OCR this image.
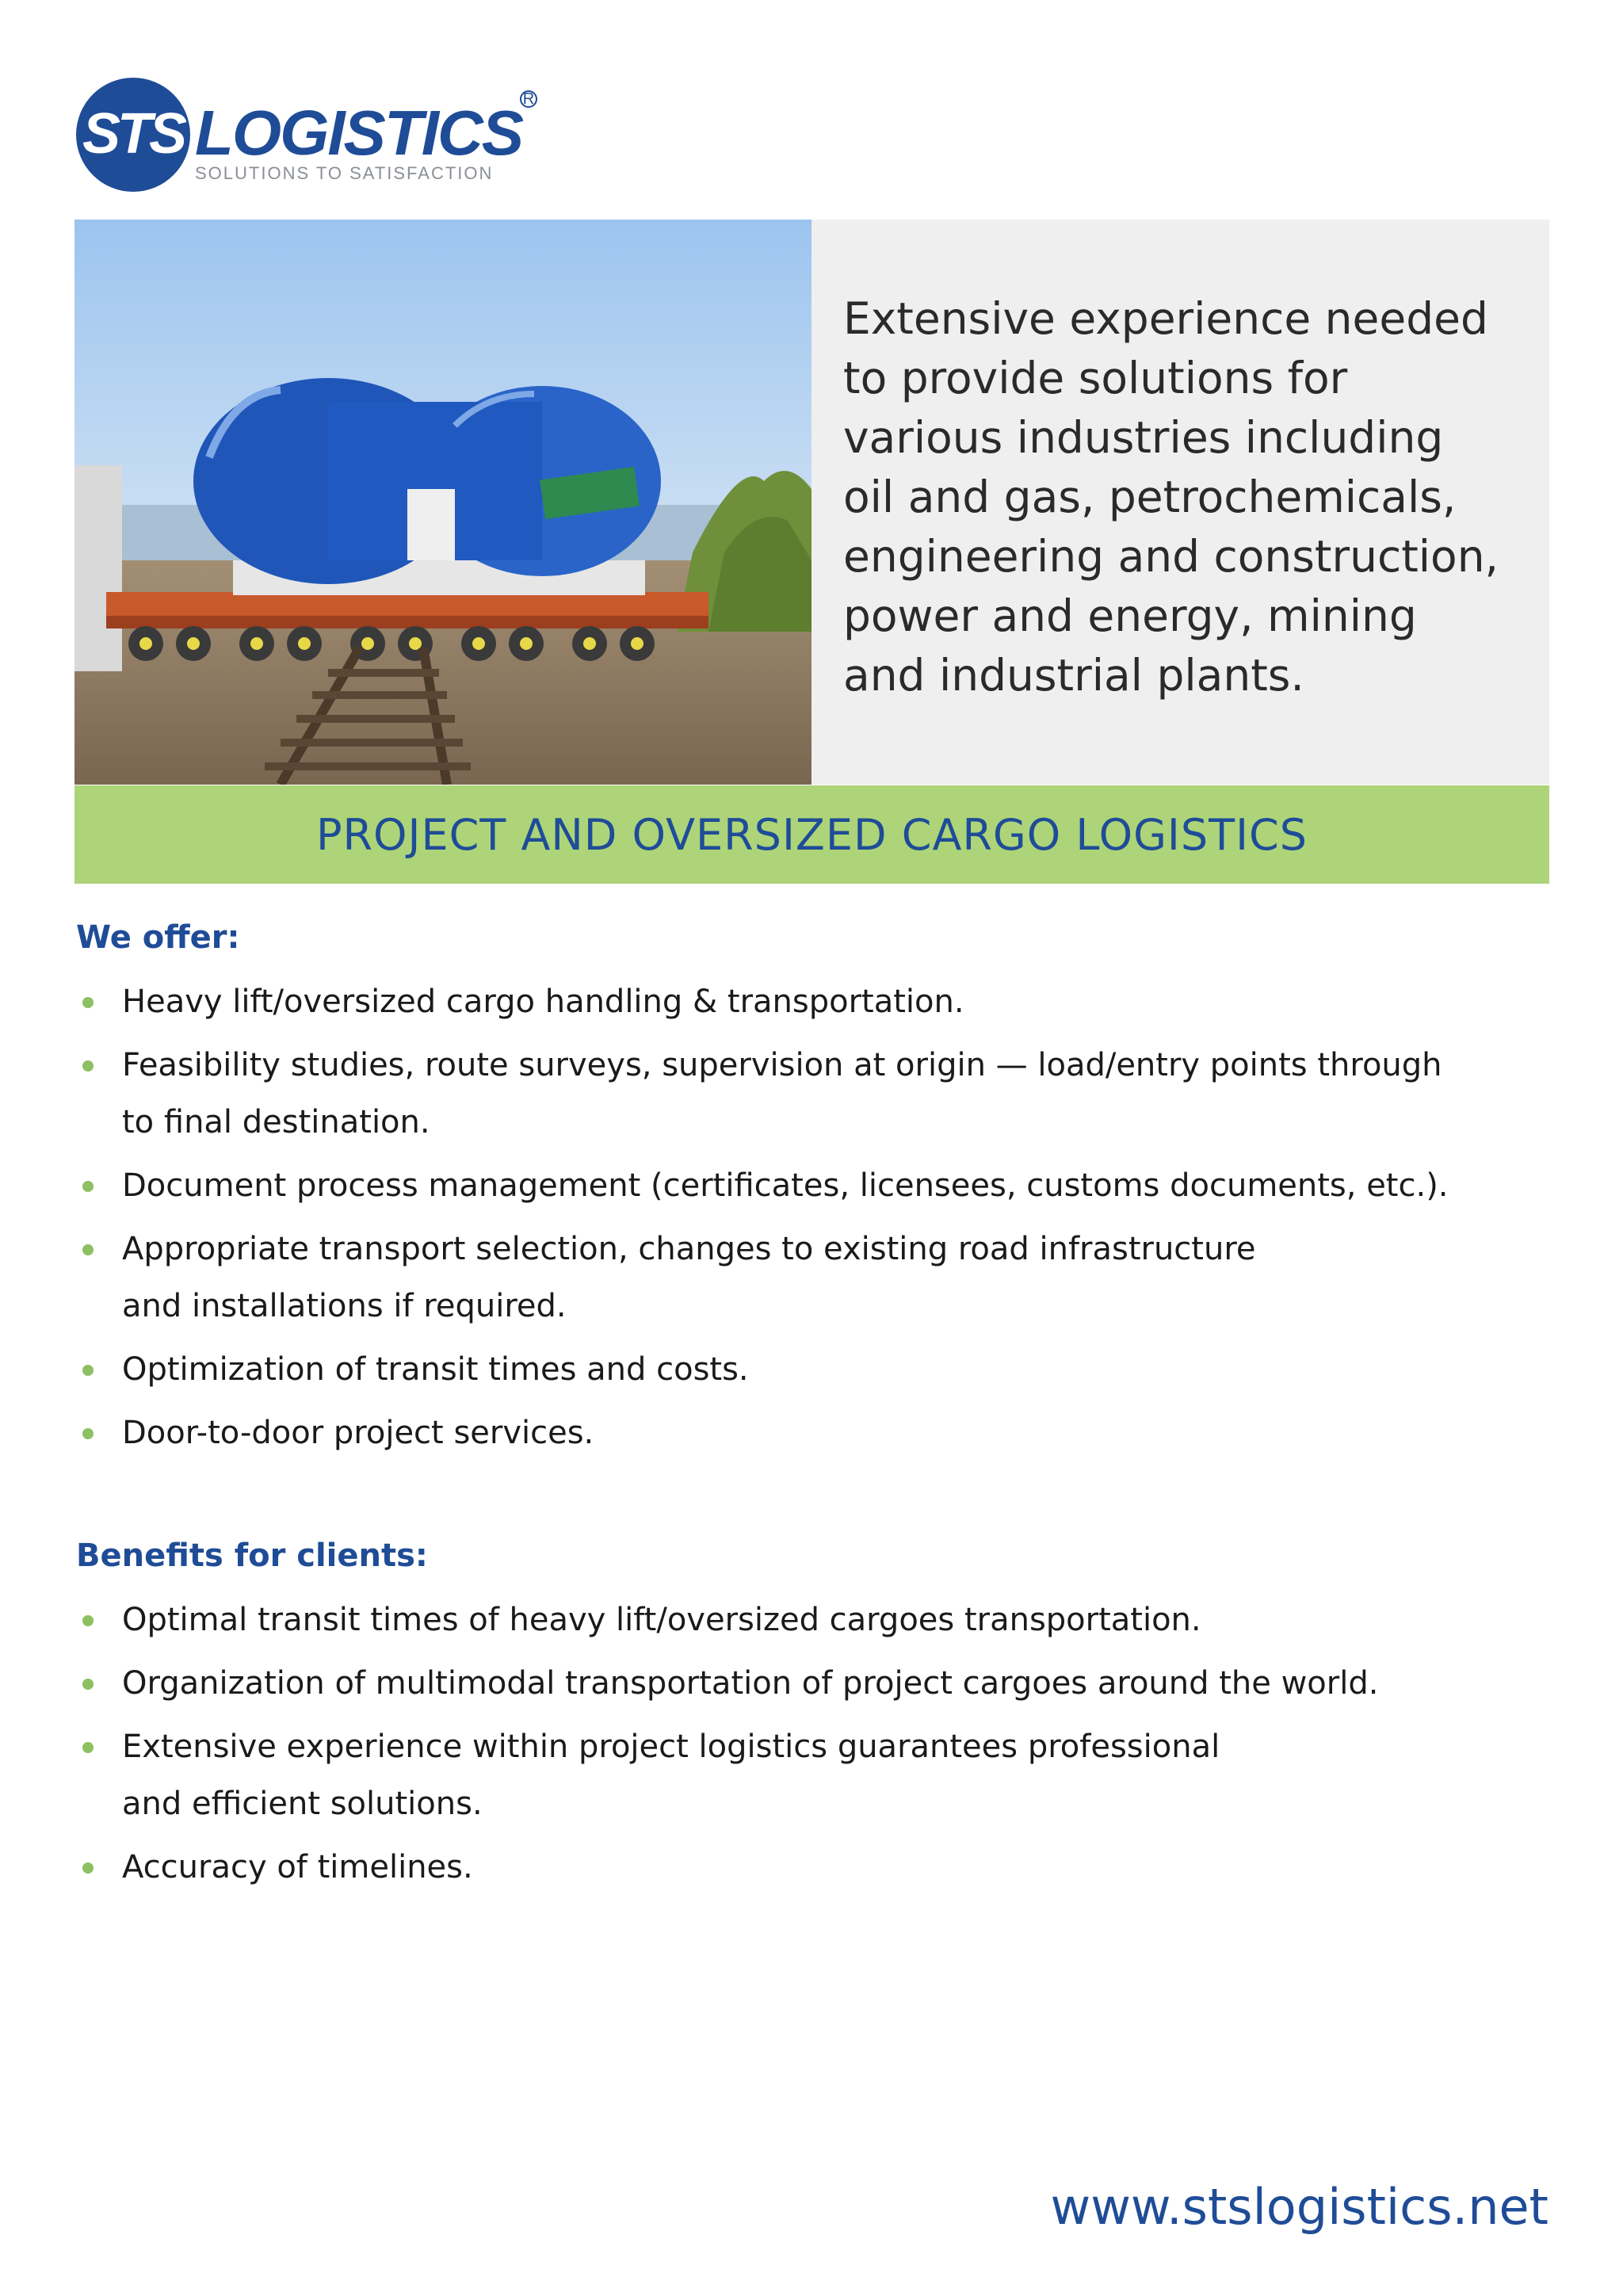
STS LOGISTICS R
SOLUTIONS TO SATISFACTION
Extensive experience needed
to provide solutions for
various industries including
oil and gas, petrochemicals,
engineering and construction,
power and energy, mining
and industrial plants.
PROJECT AND OVERSIZED CARGO LOGISTICS
We offer:
Heavy lift/oversized cargo handling & transportation.
Feasibility studies, route surveys, supervision at origin — load/entry points through
to final destination.
Document process management (certificates, licensees, customs documents, etc.).
Appropriate transport selection, changes to existing road infrastructure
and installations if required.
Optimization of transit times and costs.
Door-to-door project services.
Benefits for clients:
Optimal transit times of heavy lift/oversized cargoes transportation.
Organization of multimodal transportation of project cargoes around the world.
Extensive experience within project logistics guarantees professional
and efficient solutions.
Accuracy of timelines.
www.stslogistics.net
